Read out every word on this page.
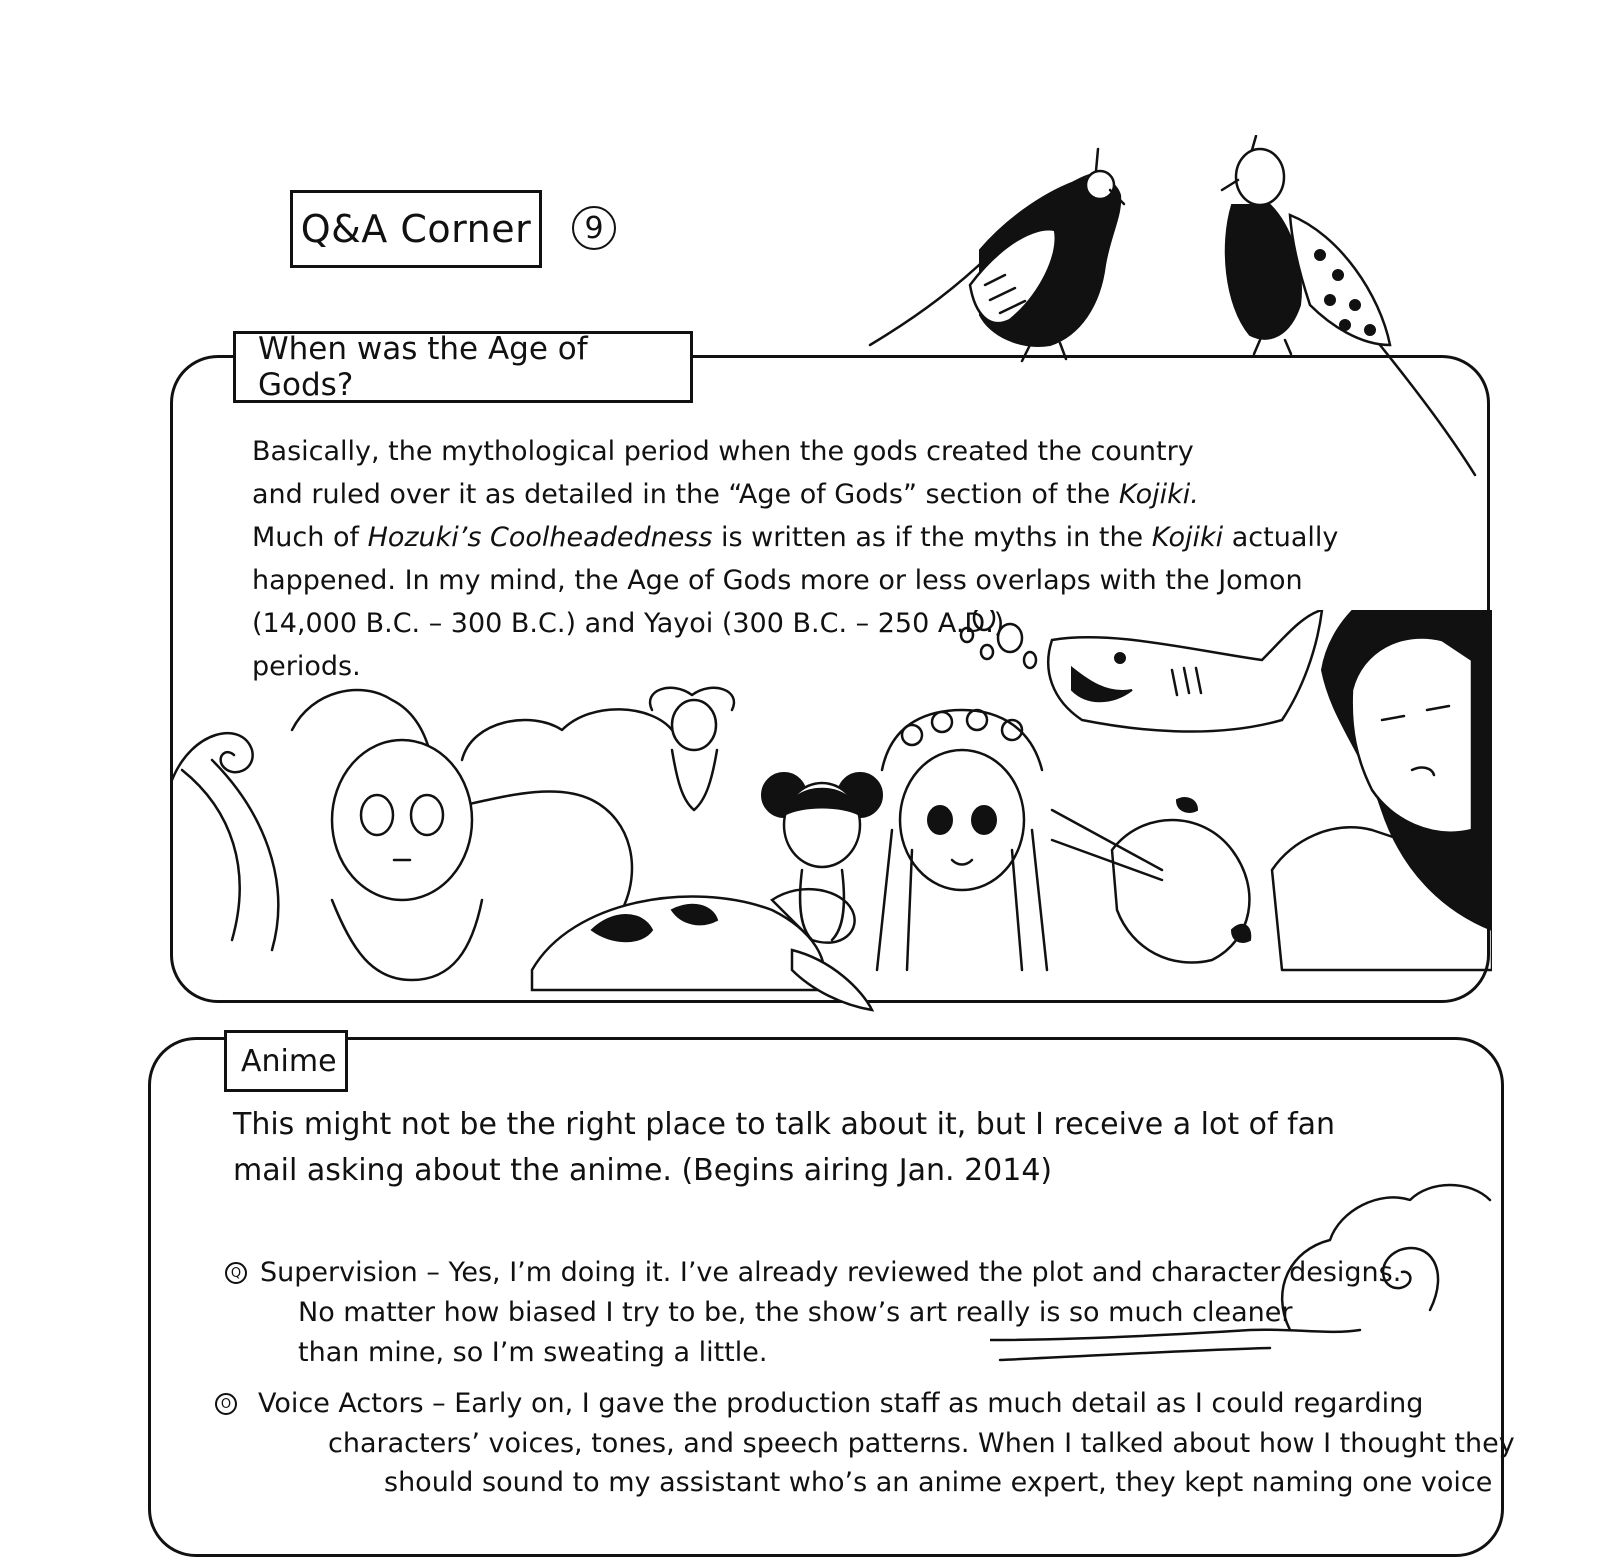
Q&A Corner	9
When was the Age of Gods?
Basically, the mythological period when the gods created the country
and ruled over it as detailed in the “Age of Gods” section of the Kojiki.
Much of Hozuki’s Coolheadedness is written as if the myths in the Kojiki actually
happened. In my mind, the Age of Gods more or less overlaps with the Jomon
(14,000 B.C. – 300 B.C.) and Yayoi (300 B.C. – 250 A.D.)
periods.
Anime
This might not be the right place to talk about it, but I receive a lot of fan
mail asking about the anime. (Begins airing Jan. 2014)
Q Supervision – Yes, I’m doing it. I’ve already reviewed the plot and character designs.
No matter how biased I try to be, the show’s art really is so much cleaner
than mine, so I’m sweating a little.
O Voice Actors – Early on, I gave the production staff as much detail as I could regarding
characters’ voices, tones, and speech patterns. When I talked about how I thought they
should sound to my assistant who’s an anime expert, they kept naming one voice
